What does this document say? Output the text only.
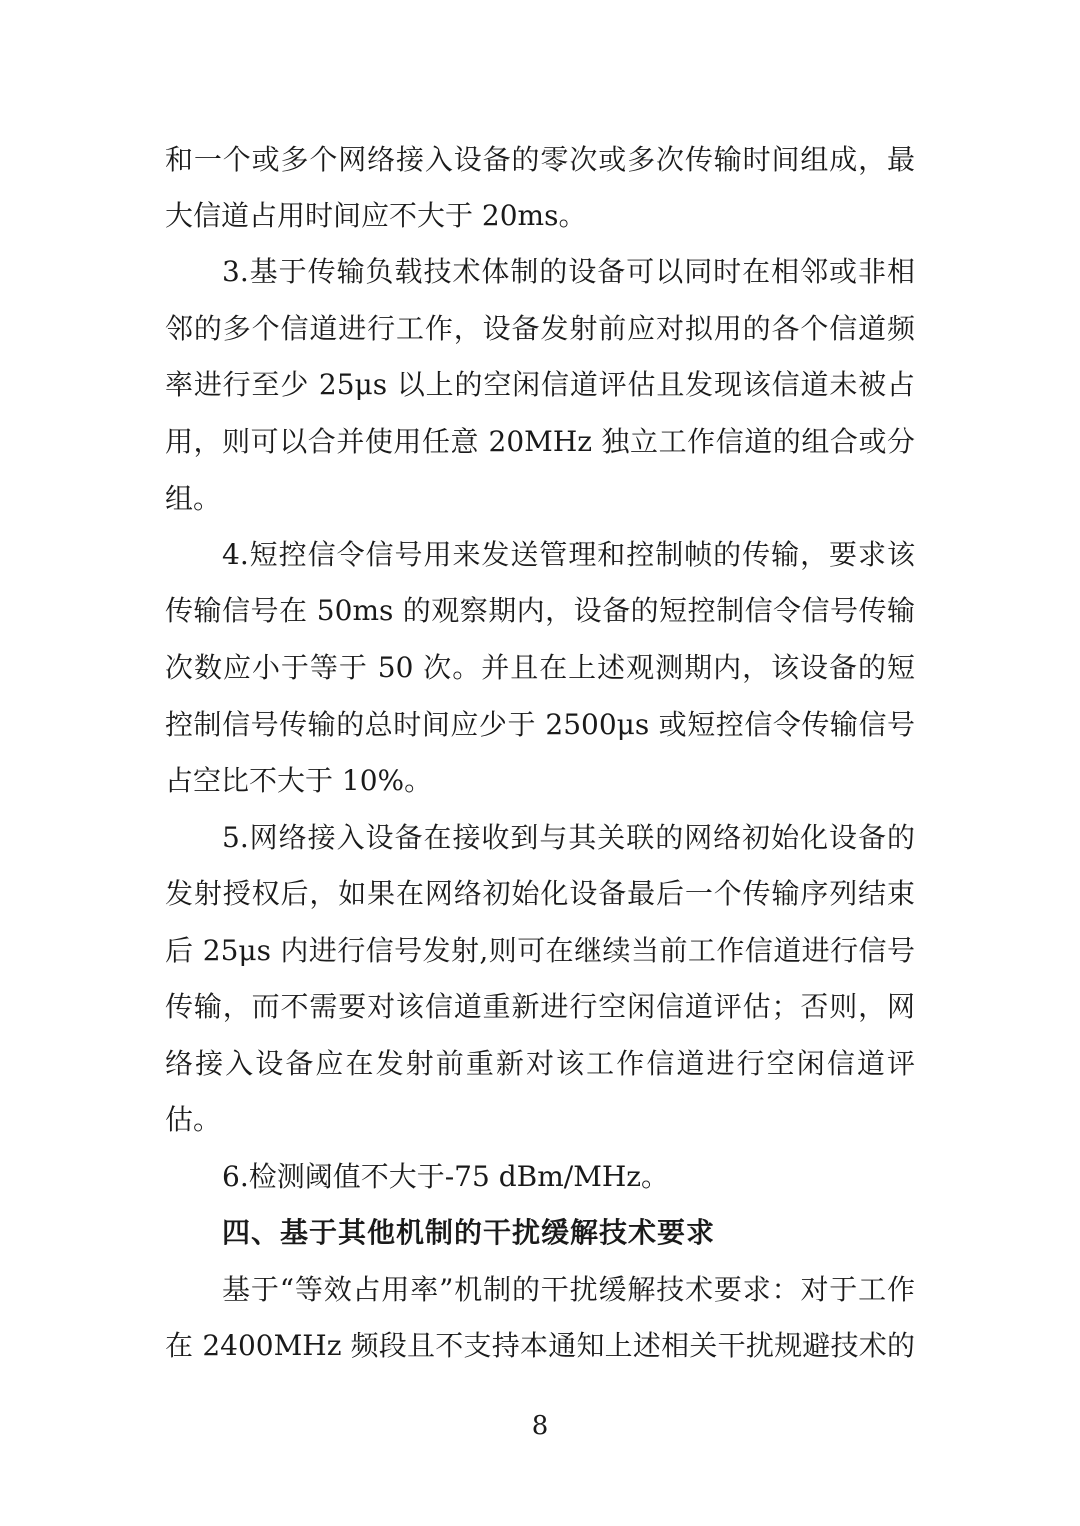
和一个或多个网络接入设备的零次或多次传输时间组成，最
大信道占用时间应不大于 20ms。
3.基于传输负载技术体制的设备可以同时在相邻或非相
邻的多个信道进行工作，设备发射前应对拟用的各个信道频
率进行至少 25μs 以上的空闲信道评估且发现该信道未被占
用，则可以合并使用任意 20MHz 独立工作信道的组合或分
组。
4.短控信令信号用来发送管理和控制帧的传输，要求该
传输信号在 50ms 的观察期内，设备的短控制信令信号传输
次数应小于等于 50 次。并且在上述观测期内，该设备的短
控制信号传输的总时间应少于 2500μs 或短控信令传输信号
占空比不大于 10%。
5.网络接入设备在接收到与其关联的网络初始化设备的
发射授权后，如果在网络初始化设备最后一个传输序列结束
后 25μs 内进行信号发射,则可在继续当前工作信道进行信号
传输，而不需要对该信道重新进行空闲信道评估；否则，网
络接入设备应在发射前重新对该工作信道进行空闲信道评
估。
6.检测阈值不大于-75 dBm/MHz。
四、基于其他机制的干扰缓解技术要求
基于“等效占用率”机制的干扰缓解技术要求：对于工作
在 2400MHz 频段且不支持本通知上述相关干扰规避技术的
8
